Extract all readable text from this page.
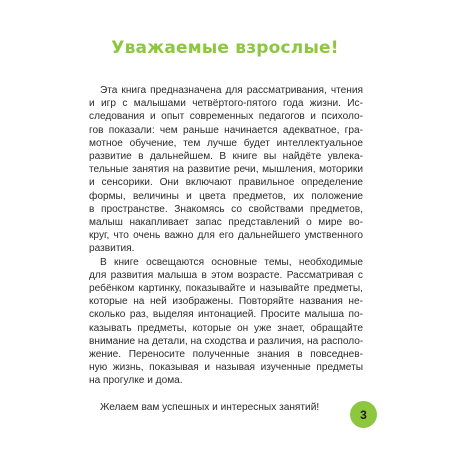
Уважаемые взрослые!
Эта книга предназначена для рассматривания, чтения
и игр с малышами четвёртого-пятого года жизни. Ис-
следования и опыт современных педагогов и психоло-
гов показали: чем раньше начинается адекватное, гра-
мотное обучение, тем лучше будет интеллектуальное
развитие в дальнейшем. В книге вы найдёте увлека-
тельные занятия на развитие речи, мышления, моторики
и сенсорики. Они включают правильное определение
формы, величины и цвета предметов, их положение
в пространстве. Знакомясь со свойствами предметов,
малыш накапливает запас представлений о мире во-
круг, что очень важно для его дальнейшего умственного
развития.
В книге освещаются основные темы, необходимые
для развития малыша в этом возрасте. Рассматривая с
ребёнком картинку, показывайте и называйте предметы,
которые на ней изображены. Повторяйте названия не-
сколько раз, выделяя интонацией. Просите малыша по-
казывать предметы, которые он уже знает, обращайте
внимание на детали, на сходства и различия, на располо-
жение. Переносите полученные знания в повседнев-
ную жизнь, показывая и называя изученные предметы
на прогулке и дома.
Желаем вам успешных и интересных занятий!
3
